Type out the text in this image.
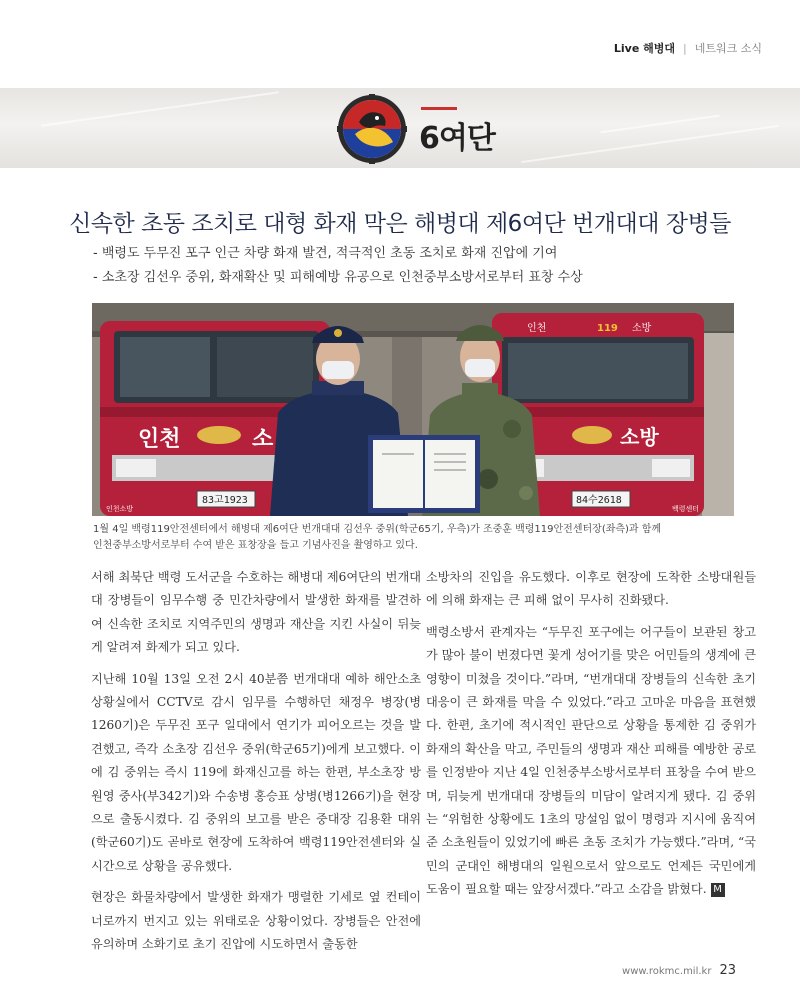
Live 해병대 | 네트워크 소식
6여단
신속한 초동 조치로 대형 화재 막은 해병대 제6여단 번개대대 장병들
- 백령도 두무진 포구 인근 차량 화재 발견, 적극적인 초동 조치로 화재 진압에 기여
- 소초장 김선우 중위, 화재확산 및 피해예방 유공으로 인천중부소방서로부터 표창 수상
인천	소
83고1923
인천소방
인천	119 소방
소방
84수2618
백령센터
1월 4일 백령119안전센터에서 해병대 제6여단 번개대대 김선우 중위(학군65기, 우측)가 조중훈 백령119안전센터장(좌측)과 함께
인천중부소방서로부터 수여 받은 표창장을 들고 기념사진을 촬영하고 있다.

서해 최북단 백령 도서군을 수호하는 해병대 제6여단의 번개대대 장병들이 임무수행 중 민간차량에서 발생한 화재를 발견하여 신속한 조치로 지역주민의 생명과 재산을 지킨 사실이 뒤늦게 알려져 화제가 되고 있다.

지난해 10월 13일 오전 2시 40분쯤 번개대대 예하 해안소초 상황실에서 CCTV로 감시 임무를 수행하던 채정우 병장(병1260기)은 두무진 포구 일대에서 연기가 피어오르는 것을 발견했고, 즉각 소초장 김선우 중위(학군65기)에게 보고했다. 이에 김 중위는 즉시 119에 화재신고를 하는 한편, 부소초장 방원영 중사(부342기)와 수송병 홍승표 상병(병1266기)을 현장으로 출동시켰다. 김 중위의 보고를 받은 중대장 김용환 대위(학군60기)도 곧바로 현장에 도착하여 백령119안전센터와 실시간으로 상황을 공유했다.

현장은 화물차량에서 발생한 화재가 맹렬한 기세로 옆 컨테이너로까지 번지고 있는 위태로운 상황이었다. 장병들은 안전에 유의하며 소화기로 초기 진압에 시도하면서 출동한

소방차의 진입을 유도했다. 이후로 현장에 도착한 소방대원들에 의해 화재는 큰 피해 없이 무사히 진화됐다.

백령소방서 관계자는 “두무진 포구에는 어구들이 보관된 창고가 많아 불이 번졌다면 꽃게 성어기를 맞은 어민들의 생계에 큰 영향이 미쳤을 것이다.”라며, “번개대대 장병들의 신속한 초기대응이 큰 화재를 막을 수 있었다.”라고 고마운 마음을 표현했다. 한편, 초기에 적시적인 판단으로 상황을 통제한 김 중위가 화재의 확산을 막고, 주민들의 생명과 재산 피해를 예방한 공로를 인정받아 지난 4일 인천중부소방서로부터 표창을 수여 받으며, 뒤늦게 번개대대 장병들의 미담이 알려지게 됐다. 김 중위는 “위험한 상황에도 1초의 망설임 없이 명령과 지시에 움직여준 소초원들이 있었기에 빠른 초동 조치가 가능했다.”라며, “국민의 군대인 해병대의 일원으로서 앞으로도 언제든 국민에게 도움이 필요할 때는 앞장서겠다.”라고 소감을 밝혔다. M

www.rokmc.mil.kr 23
